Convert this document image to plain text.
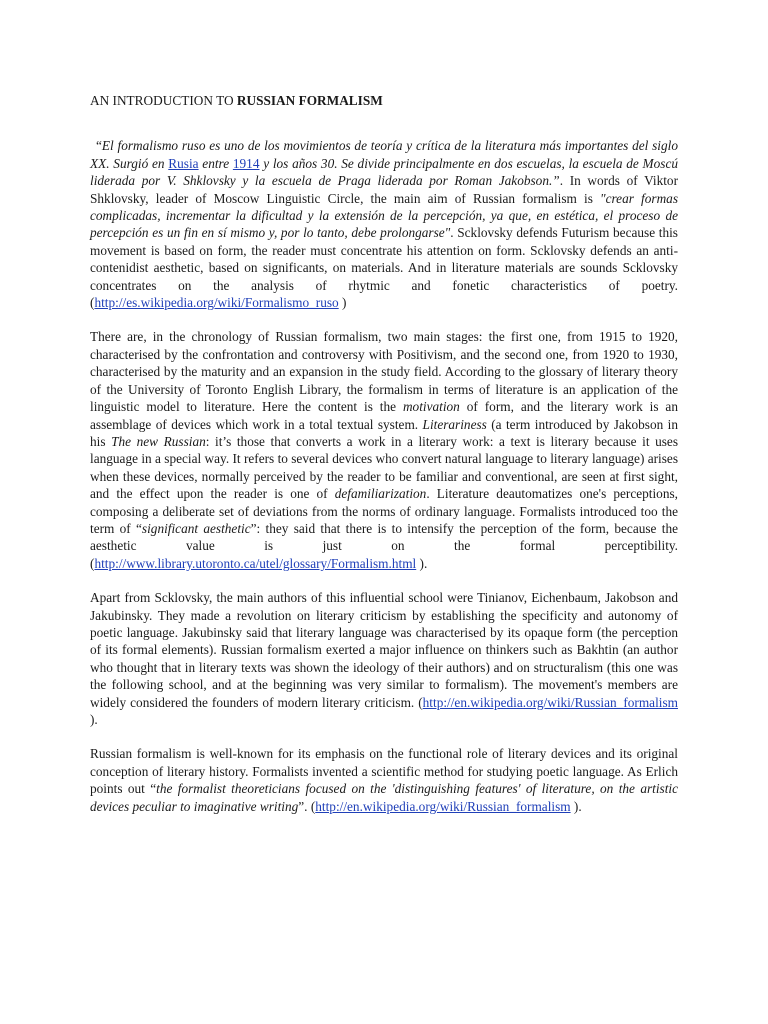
AN INTRODUCTION TO RUSSIAN FORMALISM

“El formalismo ruso es uno de los movimientos de teoría y crítica de la literatura más importantes del siglo XX. Surgió en Rusia entre 1914 y los años 30. Se divide principalmente en dos escuelas, la escuela de Moscú liderada por V. Shklovsky y la escuela de Praga liderada por Roman Jakobson.”. In words of Viktor Shklovsky, leader of Moscow Linguistic Circle, the main aim of Russian formalism is "crear formas complicadas, incrementar la dificultad y la extensión de la percepción, ya que, en estética, el proceso de percepción es un fin en sí mismo y, por lo tanto, debe prolongarse". Scklovsky defends Futurism because this movement is based on form, the reader must concentrate his attention on form. Scklovsky defends an anti-contenidist aesthetic, based on significants, on materials. And in literature materials are sounds Scklovsky concentrates on the analysis of rhytmic and fonetic characteristics of poetry. (http://es.wikipedia.org/wiki/Formalismo_ruso )

There are, in the chronology of Russian formalism, two main stages: the first one, from 1915 to 1920, characterised by the confrontation and controversy with Positivism, and the second one, from 1920 to 1930, characterised by the maturity and an expansion in the study field. According to the glossary of literary theory of the University of Toronto English Library, the formalism in terms of literature is an application of the linguistic model to literature. Here the content is the motivation of form, and the literary work is an assemblage of devices which work in a total textual system. Literariness (a term introduced by Jakobson in his The new Russian: it’s those that converts a work in a literary work: a text is literary because it uses language in a special way. It refers to several devices who convert natural language to literary language) arises when these devices, normally perceived by the reader to be familiar and conventional, are seen at first sight, and the effect upon the reader is one of defamiliarization. Literature deautomatizes one's perceptions, composing a deliberate set of deviations from the norms of ordinary language. Formalists introduced too the term of “significant aesthetic”: they said that there is to intensify the perception of the form, because the aesthetic value is just on the formal perceptibility. (http://www.library.utoronto.ca/utel/glossary/Formalism.html ).

Apart from Scklovsky, the main authors of this influential school were Tinianov, Eichenbaum, Jakobson and Jakubinsky. They made a revolution on literary criticism by establishing the specificity and autonomy of poetic language. Jakubinsky said that literary language was characterised by its opaque form (the perception of its formal elements). Russian formalism exerted a major influence on thinkers such as Bakhtin (an author who thought that in literary texts was shown the ideology of their authors) and on structuralism (this one was the following school, and at the beginning was very similar to formalism). The movement's members are widely considered the founders of modern literary criticism. (http://en.wikipedia.org/wiki/Russian_formalism ).

Russian formalism is well-known for its emphasis on the functional role of literary devices and its original conception of literary history. Formalists invented a scientific method for studying poetic language. As Erlich points out “the formalist theoreticians focused on the 'distinguishing features' of literature, on the artistic devices peculiar to imaginative writing”. (http://en.wikipedia.org/wiki/Russian_formalism ).
